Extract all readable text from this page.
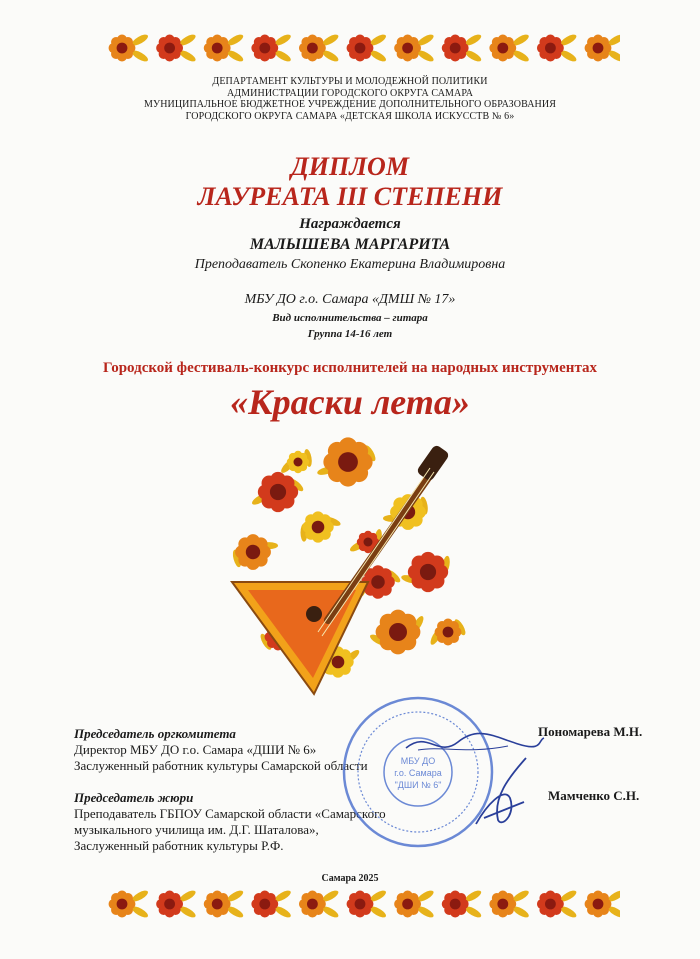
ДЕПАРТАМЕНТ КУЛЬТУРЫ И МОЛОДЕЖНОЙ ПОЛИТИКИ
АДМИНИСТРАЦИИ ГОРОДСКОГО ОКРУГА САМАРА
МУНИЦИПАЛЬНОЕ БЮДЖЕТНОЕ УЧРЕЖДЕНИЕ ДОПОЛНИТЕЛЬНОГО ОБРАЗОВАНИЯ
ГОРОДСКОГО ОКРУГА САМАРА «ДЕТСКАЯ ШКОЛА ИСКУССТВ № 6»
ДИПЛОМ
ЛАУРЕАТА III СТЕПЕНИ
Награждается
МАЛЫШЕВА МАРГАРИТА
Преподаватель Скопенко Екатерина Владимировна
МБУ ДО г.о. Самара «ДМШ № 17»
Вид исполнительства – гитара
Группа 14-16 лет
Городской фестиваль-конкурс исполнителей на народных инструментах
«Краски лета»
Председатель оргкомитета
Директор МБУ ДО г.о. Самара «ДШИ № 6»
Заслуженный работник культуры Самарской области
Пономарева М.Н.
Председатель жюри
Преподаватель ГБПОУ Самарской области «Самарского
музыкального училища им. Д.Г. Шаталова»,
Заслуженный работник культуры Р.Ф.
Мамченко С.Н.
МБУ ДО
г.о. Самара
"ДШИ № 6"
Самара 2025
